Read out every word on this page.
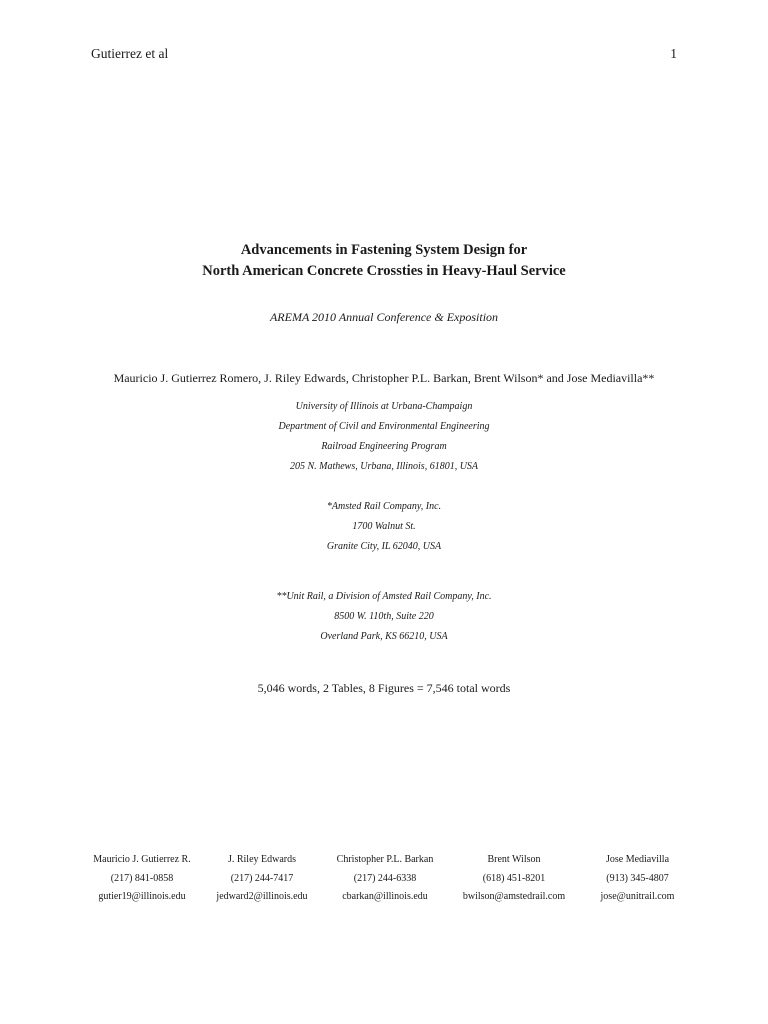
Gutierrez et al	1
Advancements in Fastening System Design for
North American Concrete Crossties in Heavy-Haul Service
AREMA 2010 Annual Conference & Exposition
Mauricio J. Gutierrez Romero, J. Riley Edwards, Christopher P.L. Barkan, Brent Wilson* and Jose Mediavilla**
University of Illinois at Urbana-Champaign
Department of Civil and Environmental Engineering
Railroad Engineering Program
205 N. Mathews, Urbana, Illinois, 61801, USA
*Amsted Rail Company, Inc.
1700 Walnut St.
Granite City, IL 62040, USA
**Unit Rail, a Division of Amsted Rail Company, Inc.
8500 W. 110th, Suite 220
Overland Park, KS 66210, USA
5,046 words, 2 Tables, 8 Figures = 7,546 total words
Mauricio J. Gutierrez R.
(217) 841-0858
gutier19@illinois.edu
J. Riley Edwards
(217) 244-7417
jedward2@illinois.edu
Christopher P.L. Barkan
(217) 244-6338
cbarkan@illinois.edu
Brent Wilson
(618) 451-8201
bwilson@amstedrail.com
Jose Mediavilla
(913) 345-4807
jose@unitrail.com
